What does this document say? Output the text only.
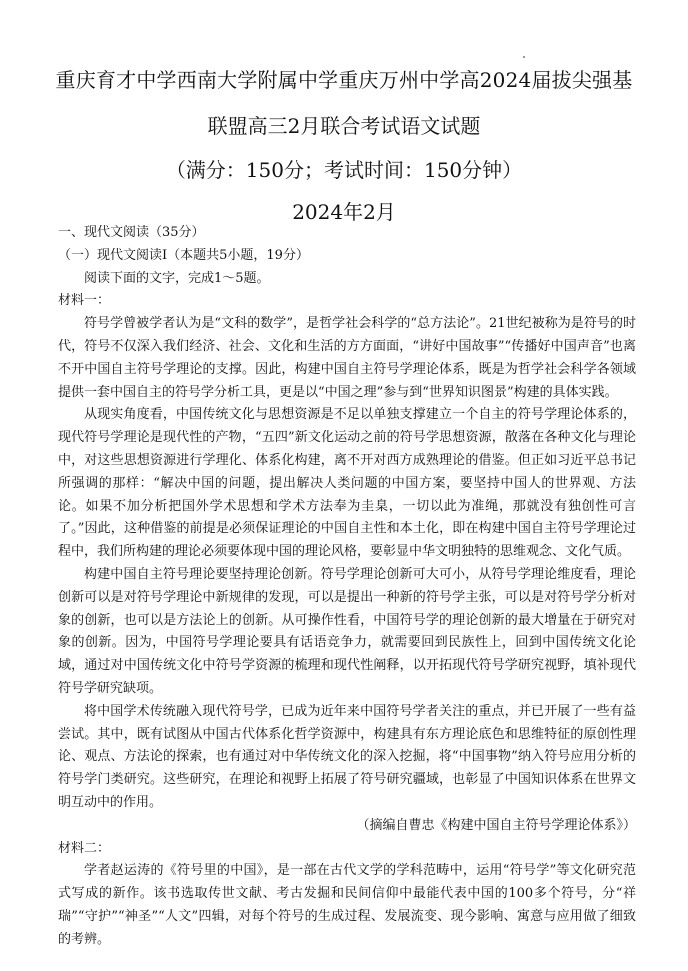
重庆育才中学西南大学附属中学重庆万州中学高2024届拔尖强基
联盟高三2月联合考试语文试题
（满分：150分；考试时间：150分钟）
2024年2月

一、现代文阅读（35分）

（一）现代文阅读Ⅰ（本题共5小题，19分）

阅读下面的文字，完成1～5题。

材料一：

符号学曾被学者认为是“文科的数学”，是哲学社会科学的“总方法论”。21世纪被称为是符号的时代，符号不仅深入我们经济、社会、文化和生活的方方面面，“讲好中国故事”“传播好中国声音”也离不开中国自主符号学理论的支撑。因此，构建中国自主符号学理论体系，既是为哲学社会科学各领域提供一套中国自主的符号学分析工具，更是以“中国之理”参与到“世界知识图景”构建的具体实践。

从现实角度看，中国传统文化与思想资源是不足以单独支撑建立一个自主的符号学理论体系的，现代符号学理论是现代性的产物，“五四”新文化运动之前的符号学思想资源，散落在各种文化与理论中，对这些思想资源进行学理化、体系化构建，离不开对西方成熟理论的借鉴。但正如习近平总书记所强调的那样：“解决中国的问题，提出解决人类问题的中国方案，要坚持中国人的世界观、方法论。如果不加分析把国外学术思想和学术方法奉为圭臬，一切以此为准绳，那就没有独创性可言了。”因此，这种借鉴的前提是必须保证理论的中国自主性和本土化，即在构建中国自主符号学理论过程中，我们所构建的理论必须要体现中国的理论风格，要彰显中华文明独特的思维观念、文化气质。

构建中国自主符号理论要坚持理论创新。符号学理论创新可大可小，从符号学理论维度看，理论创新可以是对符号学理论中新规律的发现，可以是提出一种新的符号学主张，可以是对符号学分析对象的创新，也可以是方法论上的创新。从可操作性看，中国符号学的理论创新的最大增量在于研究对象的创新。因为，中国符号学理论要具有话语竞争力，就需要回到民族性上，回到中国传统文化论域，通过对中国传统文化中符号学资源的梳理和现代性阐释，以开拓现代符号学研究视野，填补现代符号学研究缺项。

将中国学术传统融入现代符号学，已成为近年来中国符号学者关注的重点，并已开展了一些有益尝试。其中，既有试图从中国古代体系化哲学资源中，构建具有东方理论底色和思维特征的原创性理论、观点、方法论的探索，也有通过对中华传统文化的深入挖掘，将“中国事物”纳入符号应用分析的符号学门类研究。这些研究，在理论和视野上拓展了符号研究疆域，也彰显了中国知识体系在世界文明互动中的作用。

（摘编自曹忠《构建中国自主符号学理论体系》）

材料二：

学者赵运涛的《符号里的中国》，是一部在古代文学的学科范畴中，运用“符号学”等文化研究范式写成的新作。该书选取传世文献、考古发掘和民间信仰中最能代表中国的100多个符号，分“祥瑞”“守护”“神圣”“人文”四辑，对每个符号的生成过程、发展流变、现今影响、寓意与应用做了细致的考辨。
